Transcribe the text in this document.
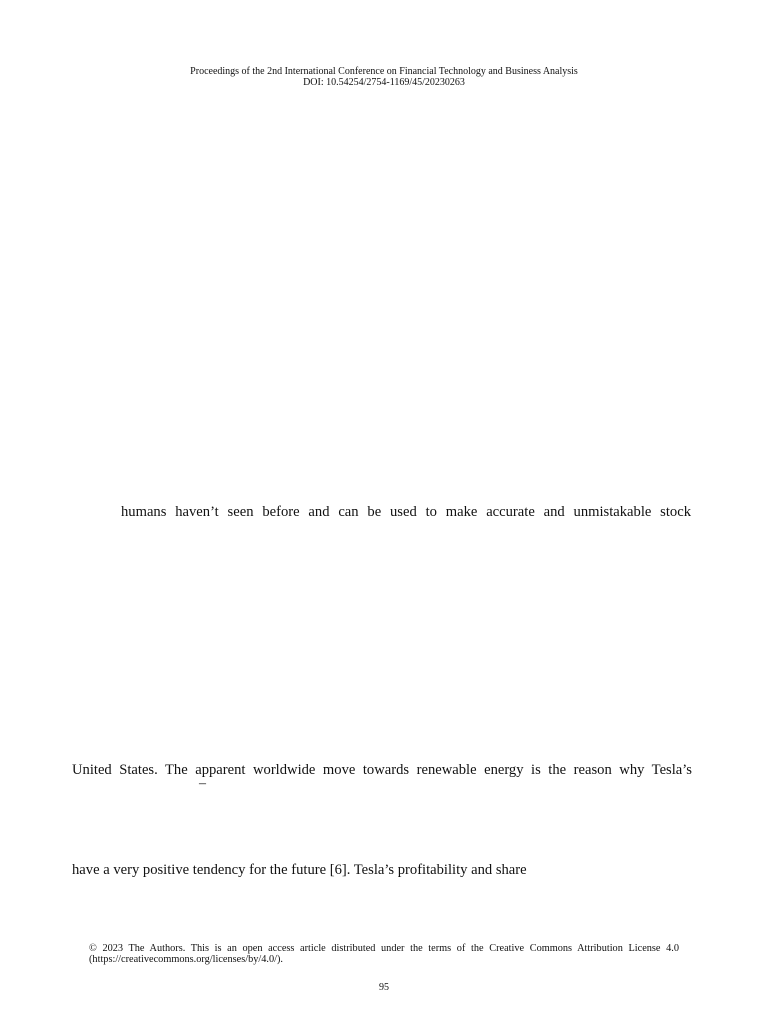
Proceedings of the 2nd International Conference on Financial Technology and Business Analysis
DOI: 10.54254/2754-1169/45/20230263
humans haven’t seen before and can be used to make accurate and unmistakable stock
United States. The apparent worldwide move towards renewable energy is the reason why Tesla’s
–
have a very positive tendency for the future [6]. Tesla’s profitability and share
© 2023 The Authors. This is an open access article distributed under the terms of the Creative Commons Attribution License 4.0
(https://creativecommons.org/licenses/by/4.0/).
95
